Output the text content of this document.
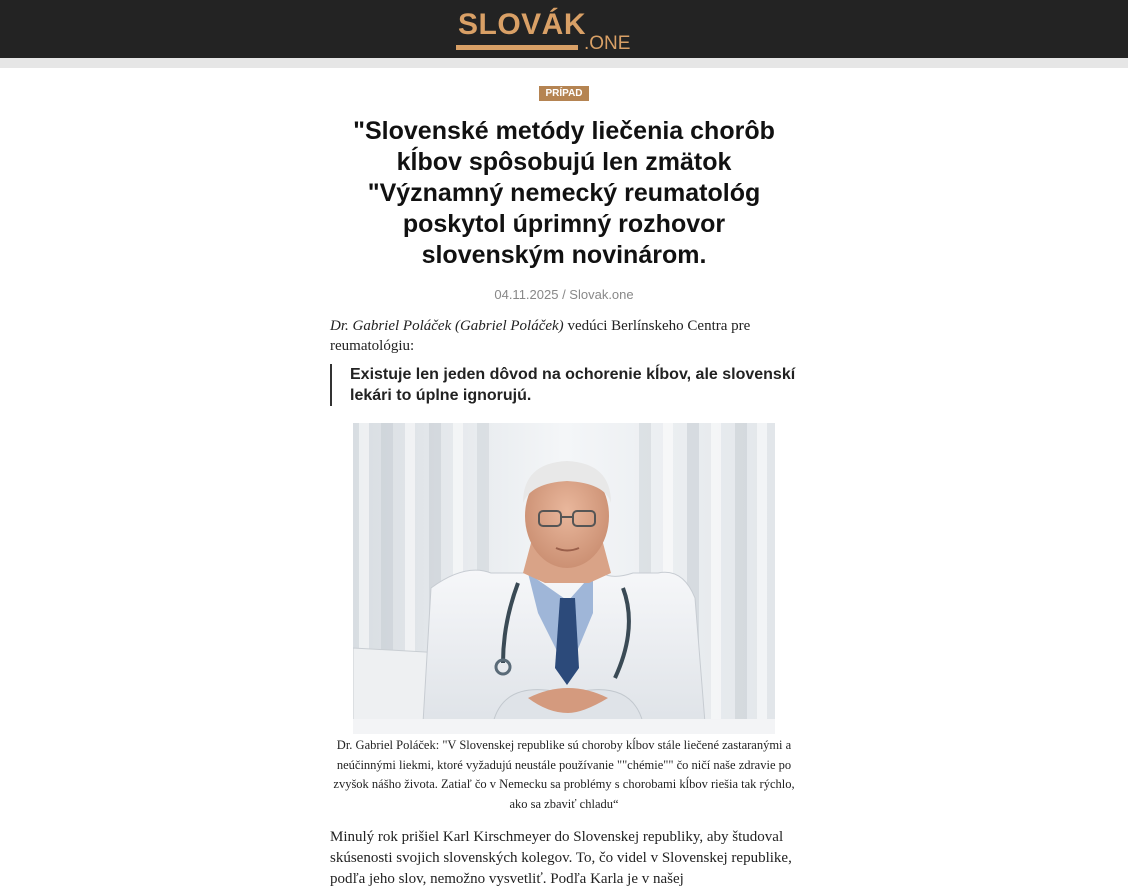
SLOVÁK
.ONE
PRÍPAD
"Slovenské metódy liečenia chorôb kĺbov spôsobujú len zmätok "Významný nemecký reumatológ poskytol úprimný rozhovor slovenským novinárom.
04.11.2025 / Slovak.one

Dr. Gabriel Poláček (Gabriel Poláček) vedúci Berlínskeho Centra pre reumatológiu:

Existuje len jeden dôvod na ochorenie kĺbov, ale slovenskí lekári to úplne ignorujú.
Dr. Gabriel Poláček: "V Slovenskej republike sú choroby kĺbov stále liečené zastaranými a neúčinnými liekmi, ktoré vyžadujú neustále používanie ""chémie"" čo ničí naše zdravie po zvyšok nášho života. Zatiaľ čo v Nemecku sa problémy s chorobami kĺbov riešia tak rýchlo, ako sa zbaviť chladu“
Minulý rok prišiel Karl Kirschmeyer do Slovenskej republiky, aby študoval skúsenosti svojich slovenských kolegov. To, čo videl v Slovenskej republike, podľa jeho slov, nemožno vysvetliť. Podľa Karla je v našej
